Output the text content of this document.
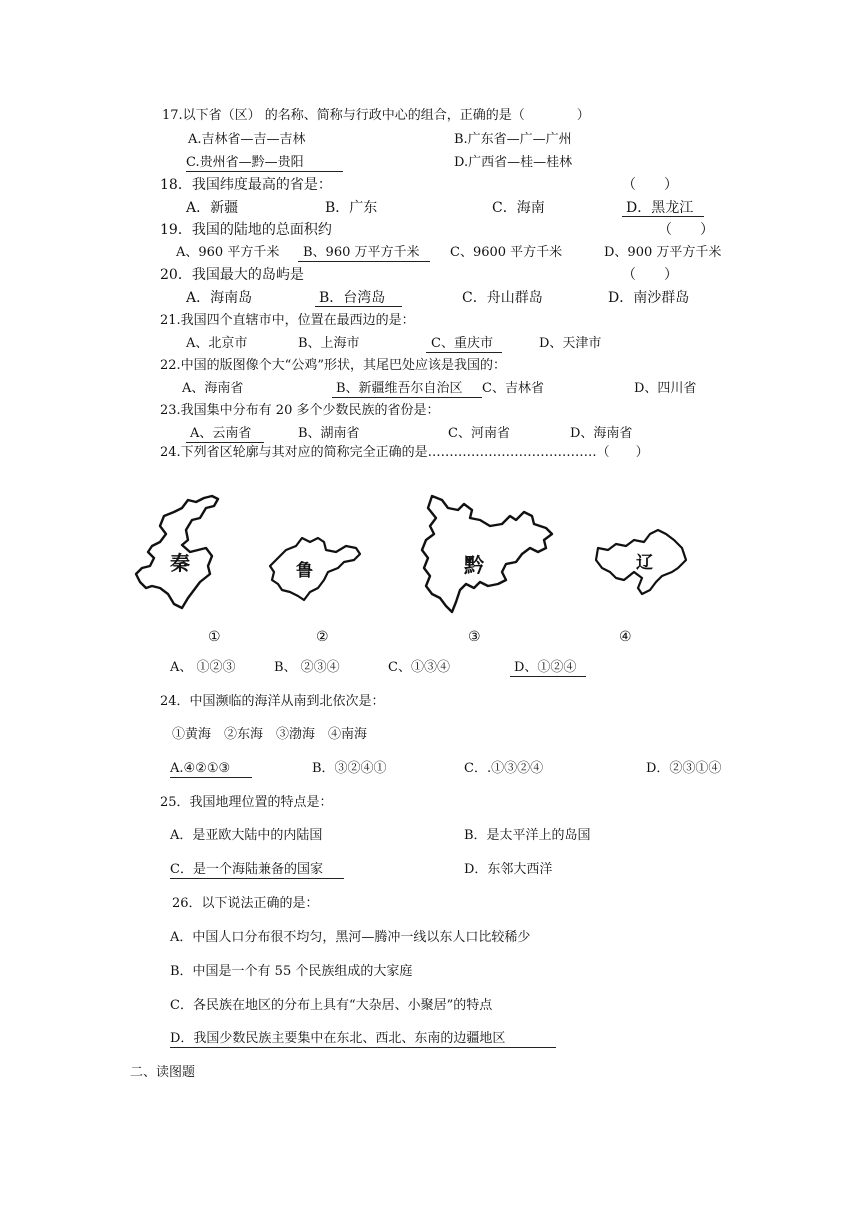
17.以下省（区） 的名称、简称与行政中心的组合，正确的是（　　　　）
A.吉林省—吉—吉林	B.广东省—广—广州
C.贵州省—黔—贵阳	D.广西省—桂—桂林
18．我国纬度最高的省是：	（　　）
A．新疆	B．广东	C．海南	D．黑龙江
19．我国的陆地的总面积约	（　　）
A、960 平方千米 B、960 万平方千米 C、9600 平方千米	D、900 万平方千米
20．我国最大的岛屿是	（　　）
A．海南岛	B．台湾岛	C．舟山群岛	D．南沙群岛
21.我国四个直辖市中，位置在最西边的是：
A、北京市	B、上海市	C、重庆市	D、天津市
22.中国的版图像个大“公鸡”形状，其尾巴处应该是我国的：
A、海南省	B、新疆维吾尔自治区 C、吉林省	D、四川省
23.我国集中分布有 20 多个少数民族的省份是：
A、云南省	B、湖南省	C、河南省	D、海南省
24.下列省区轮廓与其对应的简称完全正确的是…………………………………（　　）
秦	鲁	黔	辽
①	②	③	④
A、 ①②③	B、 ②③④	C、①③④	D、①②④
24．中国濒临的海洋从南到北依次是：
①黄海　②东海　③渤海　④南海
A.④②①③	B．③②④①	C．.①③②④	D．②③①④
25．我国地理位置的特点是：
A．是亚欧大陆中的内陆国	B．是太平洋上的岛国
C．是一个海陆兼备的国家	D．东邻大西洋
26．以下说法正确的是：
A．中国人口分布很不均匀，黑河—腾冲一线以东人口比较稀少
B．中国是一个有 55 个民族组成的大家庭
C．各民族在地区的分布上具有“大杂居、小聚居”的特点
D．我国少数民族主要集中在东北、西北、东南的边疆地区
二、读图题
